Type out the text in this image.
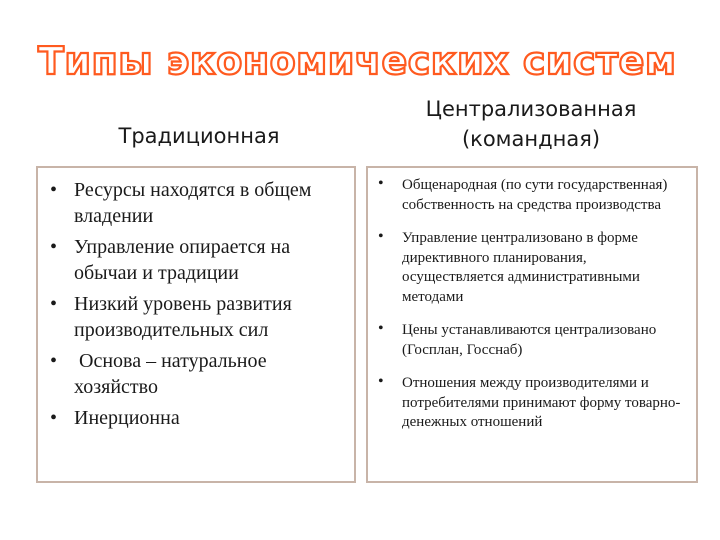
Типы экономических систем
Традиционная
Централизованная
(командная)
• Ресурсы находятся в общем владении
• Управление опирается на обычаи и традиции
• Низкий уровень развития производительных сил
• Основа – натуральное хозяйство
• Инерционна
• Общенародная (по сути государственная) собственность на средства производства
• Управление централизовано в форме директивного планирования, осуществляется административными методами
• Цены устанавливаются централизовано (Госплан, Госснаб)
• Отношения между производителями и потребителями принимают форму товарно-денежных отношений
